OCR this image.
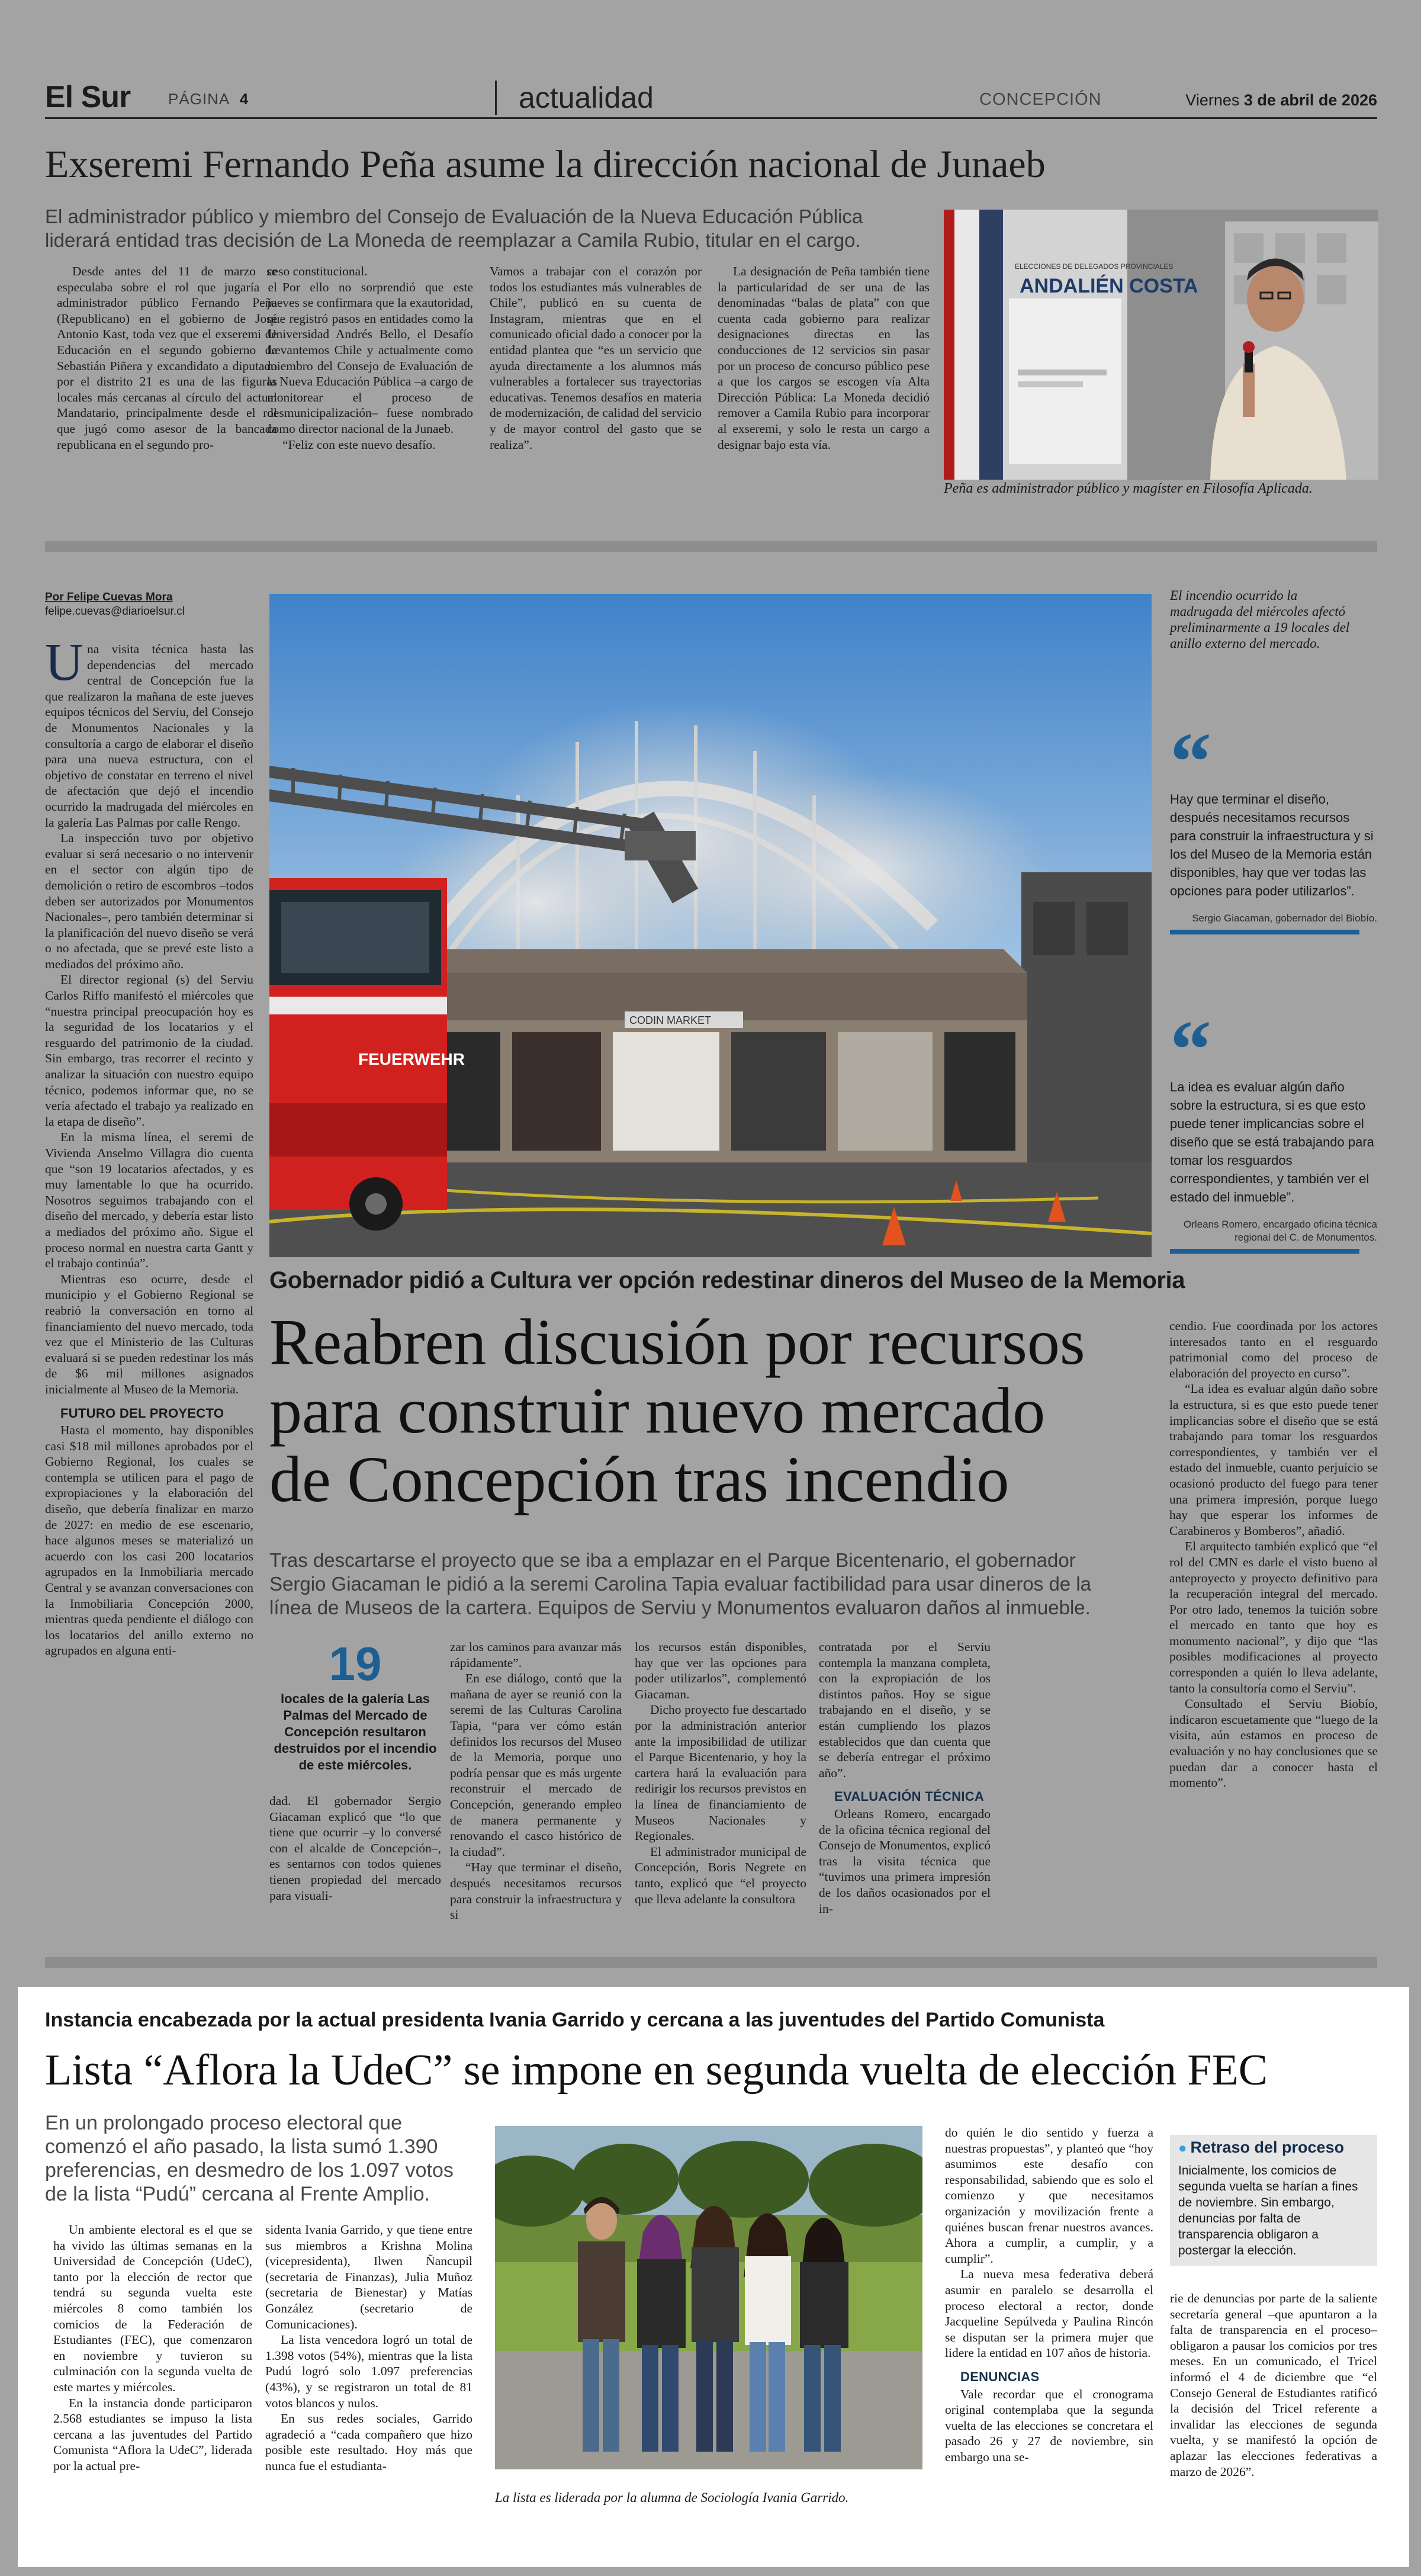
El Sur PÁGINA 4	actualidad	CONCEPCIÓN	Viernes 3 de abril de 2026
Exseremi Fernando Peña asume la dirección nacional de Junaeb
El administrador público y miembro del Consejo de Evaluación de la Nueva Educación Pública liderará entidad tras decisión de La Moneda de reemplazar a Camila Rubio, titular en el cargo.

Desde antes del 11 de marzo se especulaba sobre el rol que jugaría el administrador público Fernando Peña (Republicano) en el gobierno de José Antonio Kast, toda vez que el exseremi de Educación en el segundo gobierno de Sebastián Piñera y excandidato a diputado por el distrito 21 es una de las figuras locales más cercanas al círculo del actual Mandatario, principalmente desde el rol que jugó como asesor de la bancada republicana en el segundo pro-

ceso constitucional.

Por ello no sorprendió que este jueves se confirmara que la exautoridad, que registró pasos en entidades como la Universidad Andrés Bello, el Desafío Levantemos Chile y actualmente como miembro del Consejo de Evaluación de la Nueva Educación Pública –a cargo de monitorear el proceso de desmunicipalización– fuese nombrado como director nacional de la Junaeb.

“Feliz con este nuevo desafío.

Vamos a trabajar con el corazón por todos los estudiantes más vulnerables de Chile”, publicó en su cuenta de Instagram, mientras que en el comunicado oficial dado a conocer por la entidad plantea que “es un servicio que ayuda directamente a los alumnos más vulnerables a fortalecer sus trayectorias educativas. Tenemos desafíos en materia de modernización, de calidad del servicio y de mayor control del gasto que se realiza”.

La designación de Peña también tiene la particularidad de ser una de las denominadas “balas de plata” con que cuenta cada gobierno para realizar designaciones directas en las conducciones de 12 servicios sin pasar por un proceso de concurso público pese a que los cargos se escogen vía Alta Dirección Pública: La Moneda decidió remover a Camila Rubio para incorporar al exseremi, y solo le resta un cargo a designar bajo esta vía.

ELECCIONES DE DELEGADOS PROVINCIALES
ANDALIÉN COSTA
Peña es administrador público y magíster en Filosofía Aplicada.
Por Felipe Cuevas Mora
felipe.cuevas@diarioelsur.cl

Una visita técnica hasta las dependencias del mercado central de Concepción fue la que realizaron la mañana de este jueves equipos técnicos del Serviu, del Consejo de Monumentos Nacionales y la consultoría a cargo de elaborar el diseño para una nueva estructura, con el objetivo de constatar en terreno el nivel de afectación que dejó el incendio ocurrido la madrugada del miércoles en la galería Las Palmas por calle Rengo.

La inspección tuvo por objetivo evaluar si será necesario o no intervenir en el sector con algún tipo de demolición o retiro de escombros –todos deben ser autorizados por Monumentos Nacionales–, pero también determinar si la planificación del nuevo diseño se verá o no afectada, que se prevé este listo a mediados del próximo año.

El director regional (s) del Serviu Carlos Riffo manifestó el miércoles que “nuestra principal preocupación hoy es la seguridad de los locatarios y el resguardo del patrimonio de la ciudad. Sin embargo, tras recorrer el recinto y analizar la situación con nuestro equipo técnico, podemos informar que, no se vería afectado el trabajo ya realizado en la etapa de diseño”.

En la misma línea, el seremi de Vivienda Anselmo Villagra dio cuenta que “son 19 locatarios afectados, y es muy lamentable lo que ha ocurrido. Nosotros seguimos trabajando con el diseño del mercado, y debería estar listo a mediados del próximo año. Sigue el proceso normal en nuestra carta Gantt y el trabajo continúa”.

Mientras eso ocurre, desde el municipio y el Gobierno Regional se reabrió la conversación en torno al financiamiento del nuevo mercado, toda vez que el Ministerio de las Culturas evaluará si se pueden redestinar los más de $6 mil millones asignados inicialmente al Museo de la Memoria.

FUTURO DEL PROYECTO

Hasta el momento, hay disponibles casi $18 mil millones aprobados por el Gobierno Regional, los cuales se contempla se utilicen para el pago de expropiaciones y la elaboración del diseño, que debería finalizar en marzo de 2027: en medio de ese escenario, hace algunos meses se materializó un acuerdo con los casi 200 locatarios agrupados en la Inmobiliaria mercado Central y se avanzan conversaciones con la Inmobiliaria Concepción 2000, mientras queda pendiente el diálogo con los locatarios del anillo externo no agrupados en alguna enti-

CODIN MARKET
FEUERWEHR
El incendio ocurrido la madrugada del miércoles afectó preliminarmente a 19 locales del anillo externo del mercado.
“
Hay que terminar el diseño, después necesitamos recursos para construir la infraestructura y si los del Museo de la Memoria están disponibles, hay que ver todas las opciones para poder utilizarlos”.
Sergio Giacaman, gobernador del Biobío.
“
La idea es evaluar algún daño sobre la estructura, si es que esto puede tener implicancias sobre el diseño que se está trabajando para tomar los resguardos correspondientes, y también ver el estado del inmueble”.
Orleans Romero, encargado oficina técnica regional del C. de Monumentos.
Gobernador pidió a Cultura ver opción redestinar dineros del Museo de la Memoria
Reabren discusión por recursos
para construir nuevo mercado
de Concepción tras incendio
Tras descartarse el proyecto que se iba a emplazar en el Parque Bicentenario, el gobernador Sergio Giacaman le pidió a la seremi Carolina Tapia evaluar factibilidad para usar dineros de la línea de Museos de la cartera. Equipos de Serviu y Monumentos evaluaron daños al inmueble.
19
locales de la galería Las Palmas del Mercado de Concepción resultaron destruidos por el incendio de este miércoles.

dad. El gobernador Sergio Giacaman explicó que “lo que tiene que ocurrir –y lo conversé con el alcalde de Concepción–, es sentarnos con todos quienes tienen propiedad del mercado para visuali-

zar los caminos para avanzar más rápidamente”.

En ese diálogo, contó que la mañana de ayer se reunió con la seremi de las Culturas Carolina Tapia, “para ver cómo están definidos los recursos del Museo de la Memoria, porque uno podría pensar que es más urgente reconstruir el mercado de Concepción, generando empleo de manera permanente y renovando el casco histórico de la ciudad”.

“Hay que terminar el diseño, después necesitamos recursos para construir la infraestructura y si

los recursos están disponibles, hay que ver las opciones para poder utilizarlos”, complementó Giacaman.

Dicho proyecto fue descartado por la administración anterior ante la imposibilidad de utilizar el Parque Bicentenario, y hoy la cartera hará la evaluación para redirigir los recursos previstos en la línea de financiamiento de Museos Nacionales y Regionales.

El administrador municipal de Concepción, Boris Negrete en tanto, explicó que “el proyecto que lleva adelante la consultora

contratada por el Serviu contempla la manzana completa, con la expropiación de los distintos paños. Hoy se sigue trabajando en el diseño, y se están cumpliendo los plazos establecidos que dan cuenta que se debería entregar el próximo año”.

EVALUACIÓN TÉCNICA

Orleans Romero, encargado de la oficina técnica regional del Consejo de Monumentos, explicó tras la visita técnica que “tuvimos una primera impresión de los daños ocasionados por el in-

cendio. Fue coordinada por los actores interesados tanto en el resguardo patrimonial como del proceso de elaboración del proyecto en curso”.

“La idea es evaluar algún daño sobre la estructura, si es que esto puede tener implicancias sobre el diseño que se está trabajando para tomar los resguardos correspondientes, y también ver el estado del inmueble, cuanto perjuicio se ocasionó producto del fuego para tener una primera impresión, porque luego hay que esperar los informes de Carabineros y Bomberos”, añadió.

El arquitecto también explicó que “el rol del CMN es darle el visto bueno al anteproyecto y proyecto definitivo para la recuperación integral del mercado. Por otro lado, tenemos la tuición sobre el mercado en tanto que hoy es monumento nacional”, y dijo que “las posibles modificaciones al proyecto corresponden a quién lo lleva adelante, tanto la consultoría como el Serviu”.

Consultado el Serviu Biobío, indicaron escuetamente que “luego de la visita, aún estamos en proceso de evaluación y no hay conclusiones que se puedan dar a conocer hasta el momento”.

Instancia encabezada por la actual presidenta Ivania Garrido y cercana a las juventudes del Partido Comunista
Lista “Aflora la UdeC” se impone en segunda vuelta de elección FEC
En un prolongado proceso electoral que comenzó el año pasado, la lista sumó 1.390 preferencias, en desmedro de los 1.097 votos de la lista “Pudú” cercana al Frente Amplio.

Un ambiente electoral es el que se ha vivido las últimas semanas en la Universidad de Concepción (UdeC), tanto por la elección de rector que tendrá su segunda vuelta este miércoles 8 como también los comicios de la Federación de Estudiantes (FEC), que comenzaron en noviembre y tuvieron su culminación con la segunda vuelta de este martes y miércoles.

En la instancia donde participaron 2.568 estudiantes se impuso la lista cercana a las juventudes del Partido Comunista “Aflora la UdeC”, liderada por la actual pre-

sidenta Ivania Garrido, y que tiene entre sus miembros a Krishna Molina (vicepresidenta), Ilwen Ñancupil (secretaria de Finanzas), Julia Muñoz (secretaria de Bienestar) y Matías González (secretario de Comunicaciones).

La lista vencedora logró un total de 1.398 votos (54%), mientras que la lista Pudú logró solo 1.097 preferencias (43%), y se registraron un total de 81 votos blancos y nulos.

En sus redes sociales, Garrido agradeció a “cada compañero que hizo posible este resultado. Hoy más que nunca fue el estudianta-

La lista es liderada por la alumna de Sociología Ivania Garrido.

do quién le dio sentido y fuerza a nuestras propuestas”, y planteó que “hoy asumimos este desafío con responsabilidad, sabiendo que es solo el comienzo y que necesitamos organización y movilización frente a quiénes buscan frenar nuestros avances. Ahora a cumplir, a cumplir, y a cumplir”.

La nueva mesa federativa deberá asumir en paralelo se desarrolla el proceso electoral a rector, donde Jacqueline Sepúlveda y Paulina Rincón se disputan ser la primera mujer que lidere la entidad en 107 años de historia.

DENUNCIAS

Vale recordar que el cronograma original contemplaba que la segunda vuelta de las elecciones se concretara el pasado 26 y 27 de noviembre, sin embargo una se-

● Retraso del proceso
Inicialmente, los comicios de segunda vuelta se harían a fines de noviembre. Sin embargo, denuncias por falta de transparencia obligaron a postergar la elección.

rie de denuncias por parte de la saliente secretaría general –que apuntaron a la falta de transparencia en el proceso– obligaron a pausar los comicios por tres meses. En un comunicado, el Tricel informó el 4 de diciembre que “el Consejo General de Estudiantes ratificó la decisión del Tricel referente a invalidar las elecciones de segunda vuelta, y se manifestó la opción de aplazar las elecciones federativas a marzo de 2026”.
